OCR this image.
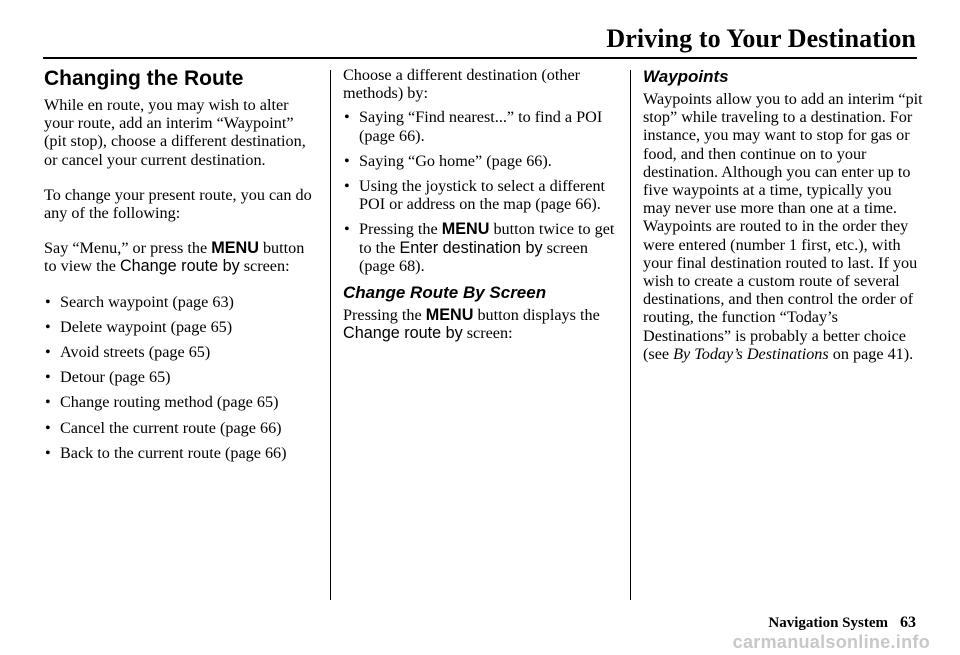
Driving to Your Destination
Changing the Route

While en route, you may wish to alter your route, add an interim “Waypoint” (pit stop), choose a different destination, or cancel your current destination.

To change your present route, you can do any of the following:

Say “Menu,” or press the MENU button to view the Change route by screen:

• Search waypoint (page 63)
• Delete waypoint (page 65)
• Avoid streets (page 65)
• Detour (page 65)
• Change routing method (page 65)
• Cancel the current route (page 66)
• Back to the current route (page 66)

Choose a different destination (other methods) by:

• Saying “Find nearest...” to find a POI (page 66).
• Saying “Go home” (page 66).
• Using the joystick to select a different POI or address on the map (page 66).
• Pressing the MENU button twice to get to the Enter destination by screen (page 68).
Change Route By Screen

Pressing the MENU button displays the Change route by screen:

Waypoints

Waypoints allow you to add an interim “pit stop” while traveling to a destination. For instance, you may want to stop for gas or food, and then continue on to your destination. Although you can enter up to five waypoints at a time, typically you may never use more than one at a time. Waypoints are routed to in the order they were entered (number 1 first, etc.), with your final destination routed to last. If you wish to create a custom route of several destinations, and then control the order of routing, the function “Today’s Destinations” is probably a better choice (see By Today’s Destinations on page 41).

Navigation System 63
carmanualsonline.info
